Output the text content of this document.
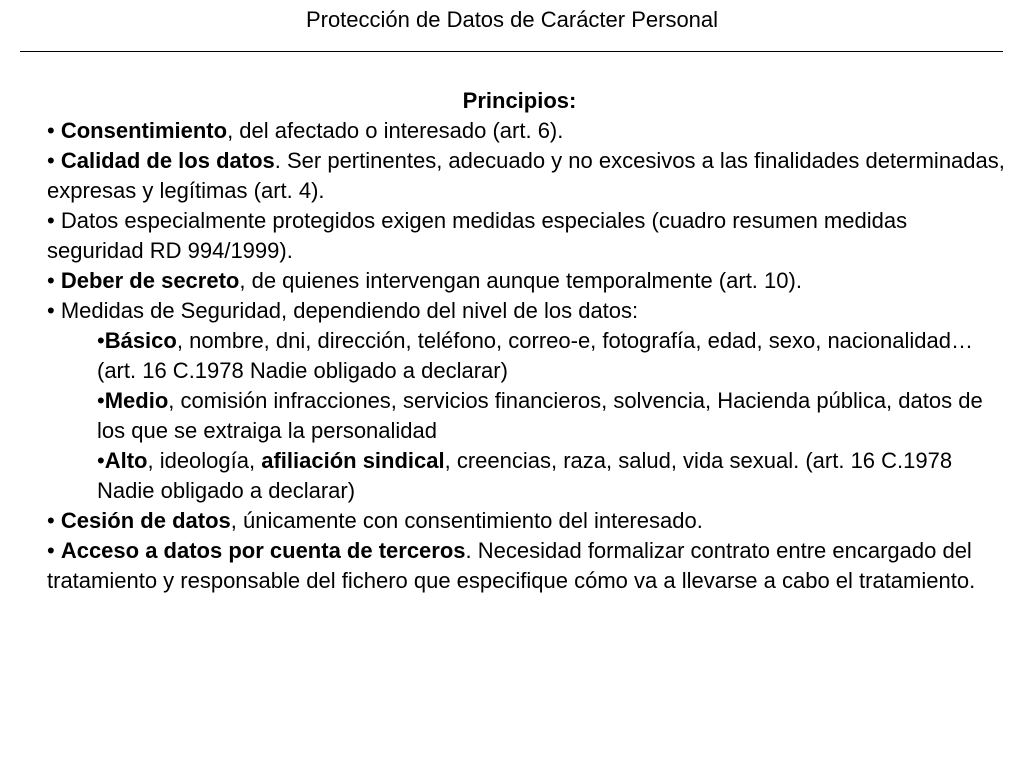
Protección de Datos de Carácter Personal
Principios:
• Consentimiento, del afectado o interesado (art. 6).
• Calidad de los datos. Ser pertinentes, adecuado y no excesivos a las finalidades determinadas, expresas y legítimas (art. 4).
• Datos especialmente protegidos exigen medidas especiales (cuadro resumen medidas seguridad RD 994/1999).
• Deber de secreto, de quienes intervengan aunque temporalmente (art. 10).
• Medidas de Seguridad, dependiendo del nivel de los datos:
•Básico, nombre, dni, dirección, teléfono, correo-e, fotografía, edad, sexo, nacionalidad…(art. 16 C.1978 Nadie obligado a declarar)
•Medio, comisión infracciones, servicios financieros, solvencia, Hacienda pública, datos de los que se extraiga la personalidad
•Alto, ideología, afiliación sindical, creencias, raza, salud, vida sexual. (art. 16 C.1978 Nadie obligado a declarar)
• Cesión de datos, únicamente con consentimiento del interesado.
• Acceso a datos por cuenta de terceros. Necesidad formalizar contrato entre encargado del tratamiento y responsable del fichero que especifique cómo va a llevarse a cabo el tratamiento.
